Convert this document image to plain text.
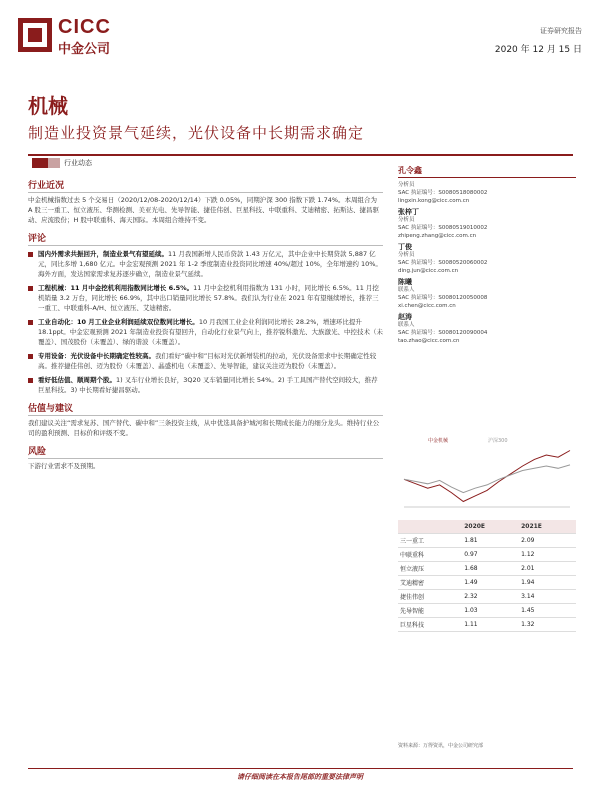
CICC
中金公司
证券研究报告
2020 年 12 月 15 日
机械
制造业投资景气延续，光伏设备中长期需求确定
行业动态
行业近况
中金机械指数过去 5 个交易日（2020/12/08-2020/12/14）下跌 0.05%，同期沪深 300 指数下跌 1.74%。本周组合为 A 股三一重工、恒立液压、华测检测、美亚光电、先导智能、捷佳伟创、巨星科技、中联重科、艾迪精密、拓斯达、捷昌驱动、应流股份；H 股中联重科、海天国际。本周组合维持不变。
评论
国内外需求共振回升，制造业景气有望延续。11 月我国新增人民币贷款 1.43 万亿元，其中企业中长期贷款 5,887 亿元，同比多增 1,680 亿元。中金宏观预测 2021 年 1-2 季度制造业投资同比增速 40%/超过 10%，全年增速约 10%。海外方面，发达国家需求复苏逐步确立，制造业景气延续。
工程机械：11 月中金挖机利用指数同比增长 6.5%。11 月中金挖机利用指数为 131 小时，同比增长 6.5%。11 月挖机销量 3.2 万台，同比增长 66.9%，其中出口销量同比增长 57.8%。我们认为行业在 2021 年有望继续增长，推荐三一重工、中联重科-A/H、恒立液压、艾迪精密。
工业自动化：10 月工业企业利润延续双位数同比增长。10 月我国工业企业利润同比增长 28.2%，增速环比提升 18.1ppt。中金宏观预测 2021 年制造业投资有望回升，自动化行业景气向上，推荐锐科激光、大族激光、中控技术（未覆盖）、国茂股份（未覆盖）、绿的谐波（未覆盖）。
专用设备：光伏设备中长期确定性较高。我们看好“碳中和”目标对光伏新增装机的拉动，光伏设备需求中长期确定性较高。推荐捷佳伟创、迈为股份（未覆盖）、晶盛机电（未覆盖）、先导智能，建议关注迈为股份（未覆盖）。
看好低估值、顺周期个股。1) 叉车行业增长良好，3Q20 叉车销量同比增长 54%。2) 手工具国产替代空间较大，推荐巨星科技。3) 中长期看好捷昌驱动。
估值与建议
我们建议关注“需求复苏、国产替代、碳中和”三条投资主线，从中优选具备护城河和长期成长能力的细分龙头。维持行业公司的盈利预测、目标价和评级不变。
风险
下游行业需求不及预期。
孔令鑫
分析员
SAC 执证编号：S0080518080002
lingxin.kong@cicc.com.cn
张梓丁
分析员
SAC 执证编号：S0080519010002
zhipeng.zhang@cicc.com.cn
丁俊
分析员
SAC 执证编号：S0080520060002
ding.jun@cicc.com.cn
陈曦
联系人
SAC 执证编号：S0080120050008
xi.chen@cicc.com.cn
赵涛
联系人
SAC 执证编号：S0080120090004
tao.zhao@cicc.com.cn
中金机械	沪深300
	2020E	2021E
三一重工	1.81	2.09
中联重科	0.97	1.12
恒立液压	1.68	2.01
艾迪精密	1.49	1.94
捷佳伟创	2.32	3.14
先导智能	1.03	1.45
巨星科技	1.11	1.32
资料来源：万得资讯，中金公司研究部
请仔细阅读在本报告尾部的重要法律声明
